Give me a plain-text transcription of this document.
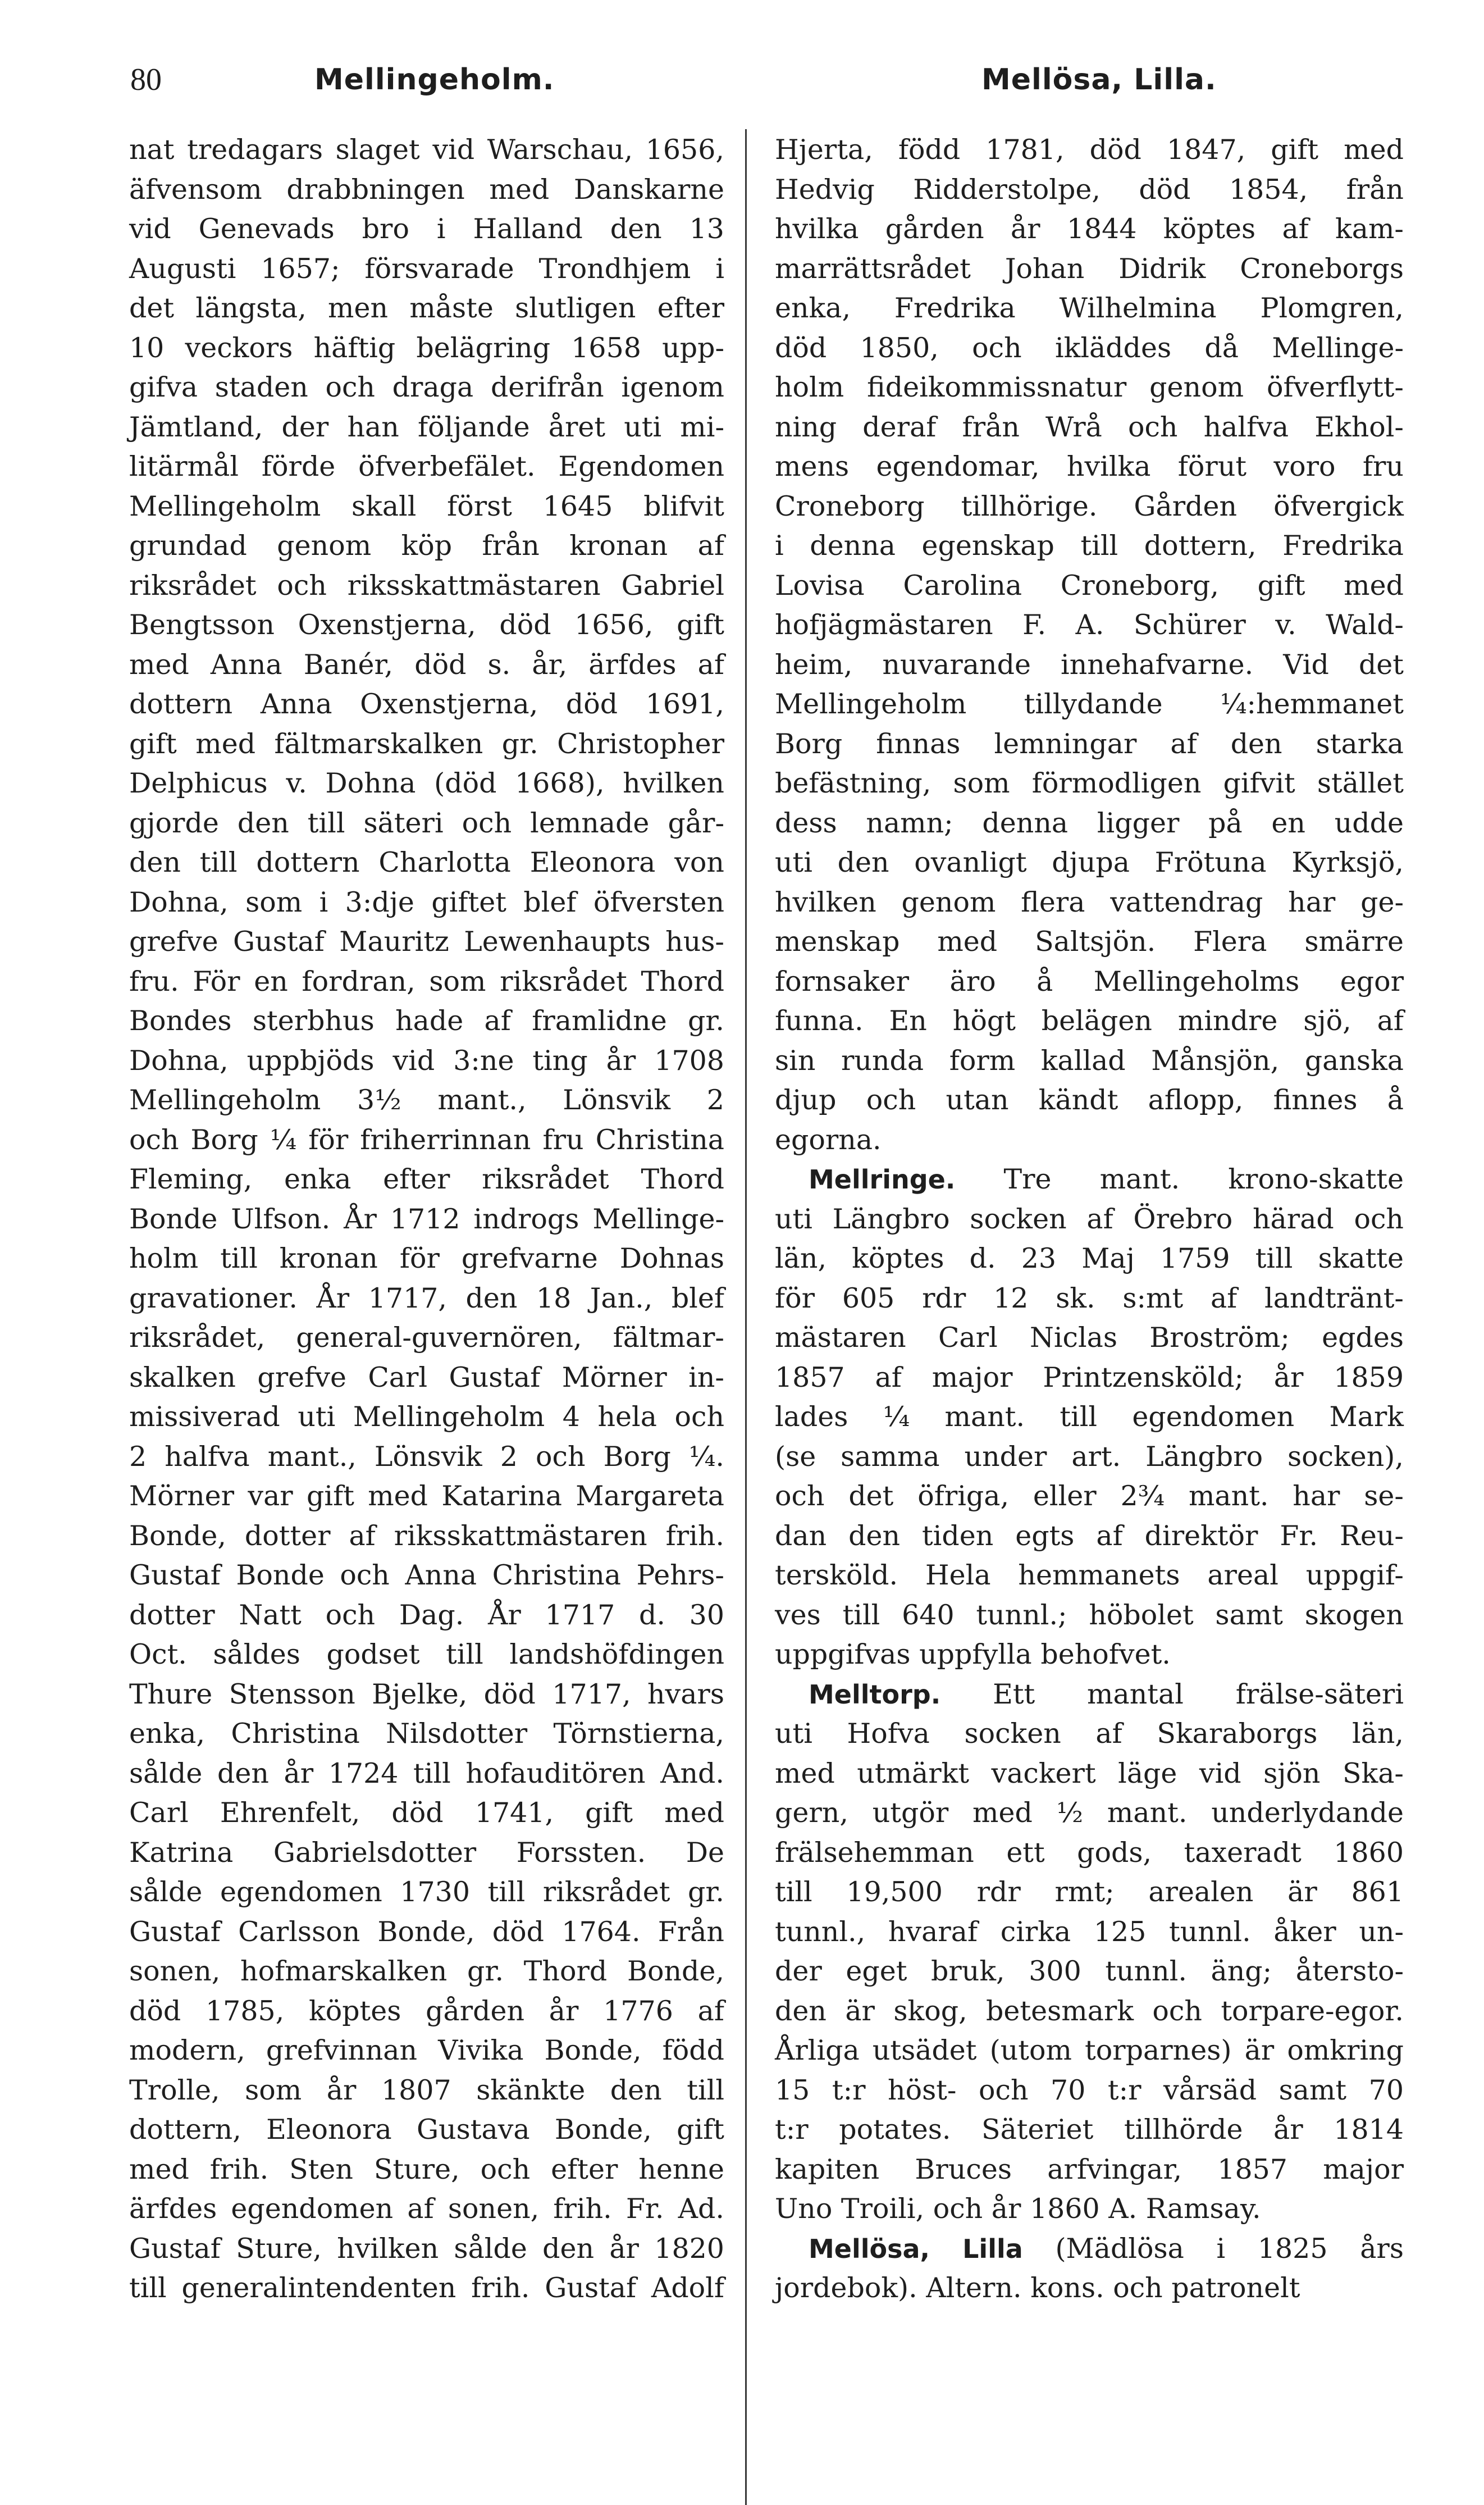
80	Mellingeholm.	Mellösa, Lilla.
nat tredagars slaget vid Warschau, 1656,
äfvensom drabbningen med Danskarne
vid Genevads bro i Halland den 13
Augusti 1657; försvarade Trondhjem i
det längsta, men måste slutligen efter
10 veckors häftig belägring 1658 upp-
gifva staden och draga derifrån igenom
Jämtland, der han följande året uti mi-
litärmål förde öfverbefälet. Egendomen
Mellingeholm skall först 1645 blifvit
grundad genom köp från kronan af
riksrådet och riksskattmästaren Gabriel
Bengtsson Oxenstjerna, död 1656, gift
med Anna Banér, död s. år, ärfdes af
dottern Anna Oxenstjerna, död 1691,
gift med fältmarskalken gr. Christopher
Delphicus v. Dohna (död 1668), hvilken
gjorde den till säteri och lemnade går-
den till dottern Charlotta Eleonora von
Dohna, som i 3:dje giftet blef öfversten
grefve Gustaf Mauritz Lewenhaupts hus-
fru. För en fordran, som riksrådet Thord
Bondes sterbhus hade af framlidne gr.
Dohna, uppbjöds vid 3:ne ting år 1708
Mellingeholm 3½ mant., Lönsvik 2
och Borg ¼ för friherrinnan fru Christina
Fleming, enka efter riksrådet Thord
Bonde Ulfson. År 1712 indrogs Mellinge-
holm till kronan för grefvarne Dohnas
gravationer. År 1717, den 18 Jan., blef
riksrådet, general-guvernören, fältmar-
skalken grefve Carl Gustaf Mörner in-
missiverad uti Mellingeholm 4 hela och
2 halfva mant., Lönsvik 2 och Borg ¼.
Mörner var gift med Katarina Margareta
Bonde, dotter af riksskattmästaren frih.
Gustaf Bonde och Anna Christina Pehrs-
dotter Natt och Dag. År 1717 d. 30
Oct. såldes godset till landshöfdingen
Thure Stensson Bjelke, död 1717, hvars
enka, Christina Nilsdotter Törnstierna,
sålde den år 1724 till hofauditören And.
Carl Ehrenfelt, död 1741, gift med
Katrina Gabrielsdotter Forssten. De
sålde egendomen 1730 till riksrådet gr.
Gustaf Carlsson Bonde, död 1764. Från
sonen, hofmarskalken gr. Thord Bonde,
död 1785, köptes gården år 1776 af
modern, grefvinnan Vivika Bonde, född
Trolle, som år 1807 skänkte den till
dottern, Eleonora Gustava Bonde, gift
med frih. Sten Sture, och efter henne
ärfdes egendomen af sonen, frih. Fr. Ad.
Gustaf Sture, hvilken sålde den år 1820
till generalintendenten frih. Gustaf Adolf
Hjerta, född 1781, död 1847, gift med
Hedvig Ridderstolpe, död 1854, från
hvilka gården år 1844 köptes af kam-
marrättsrådet Johan Didrik Croneborgs
enka, Fredrika Wilhelmina Plomgren,
död 1850, och ikläddes då Mellinge-
holm fideikommissnatur genom öfverflytt-
ning deraf från Wrå och halfva Ekhol-
mens egendomar, hvilka förut voro fru
Croneborg tillhörige. Gården öfvergick
i denna egenskap till dottern, Fredrika
Lovisa Carolina Croneborg, gift med
hofjägmästaren F. A. Schürer v. Wald-
heim, nuvarande innehafvarne. Vid det
Mellingeholm tillydande ¼:hemmanet
Borg finnas lemningar af den starka
befästning, som förmodligen gifvit stället
dess namn; denna ligger på en udde
uti den ovanligt djupa Frötuna Kyrksjö,
hvilken genom flera vattendrag har ge-
menskap med Saltsjön. Flera smärre
fornsaker äro å Mellingeholms egor
funna. En högt belägen mindre sjö, af
sin runda form kallad Månsjön, ganska
djup och utan kändt aflopp, finnes å
egorna.
Mellringe. Tre mant. krono-skatte
uti Längbro socken af Örebro härad och
län, köptes d. 23 Maj 1759 till skatte
för 605 rdr 12 sk. s:mt af landtränt-
mästaren Carl Niclas Broström; egdes
1857 af major Printzensköld; år 1859
lades ¼ mant. till egendomen Mark
(se samma under art. Längbro socken),
och det öfriga, eller 2¾ mant. har se-
dan den tiden egts af direktör Fr. Reu-
tersköld. Hela hemmanets areal uppgif-
ves till 640 tunnl.; höbolet samt skogen
uppgifvas uppfylla behofvet.
Melltorp. Ett mantal frälse-säteri
uti Hofva socken af Skaraborgs län,
med utmärkt vackert läge vid sjön Ska-
gern, utgör med ½ mant. underlydande
frälsehemman ett gods, taxeradt 1860
till 19,500 rdr rmt; arealen är 861
tunnl., hvaraf cirka 125 tunnl. åker un-
der eget bruk, 300 tunnl. äng; återsto-
den är skog, betesmark och torpare-egor.
Årliga utsädet (utom torparnes) är omkring
15 t:r höst- och 70 t:r vårsäd samt 70
t:r potates. Säteriet tillhörde år 1814
kapiten Bruces arfvingar, 1857 major
Uno Troili, och år 1860 A. Ramsay.
Mellösa, Lilla (Mädlösa i 1825 års
jordebok). Altern. kons. och patronelt
